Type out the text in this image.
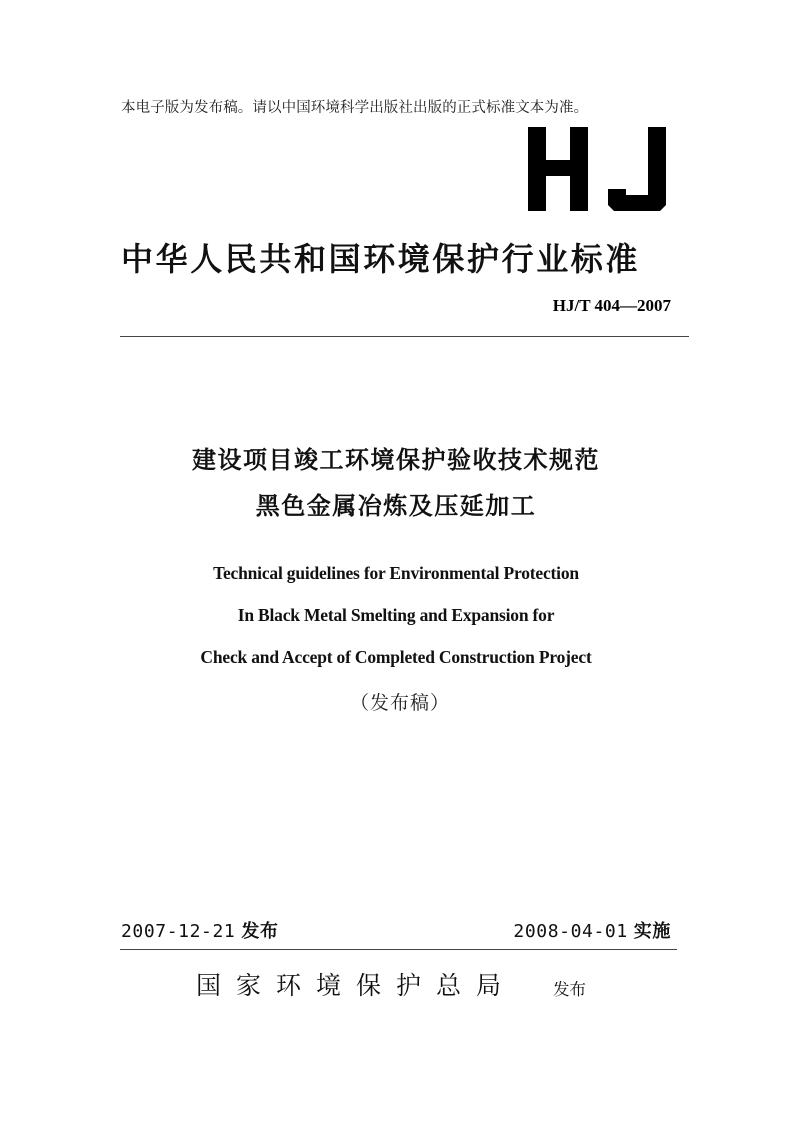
本电子版为发布稿。请以中国环境科学出版社出版的正式标准文本为准。
中华人民共和国环境保护行业标准
HJ/T 404—2007
建设项目竣工环境保护验收技术规范
黑色金属冶炼及压延加工
Technical guidelines for Environmental Protection
In Black Metal Smelting and Expansion for
Check and Accept of Completed Construction Project
（发布稿）
2007-12-21 发布	2008-04-01 实施
国家环境保护总局 发布
